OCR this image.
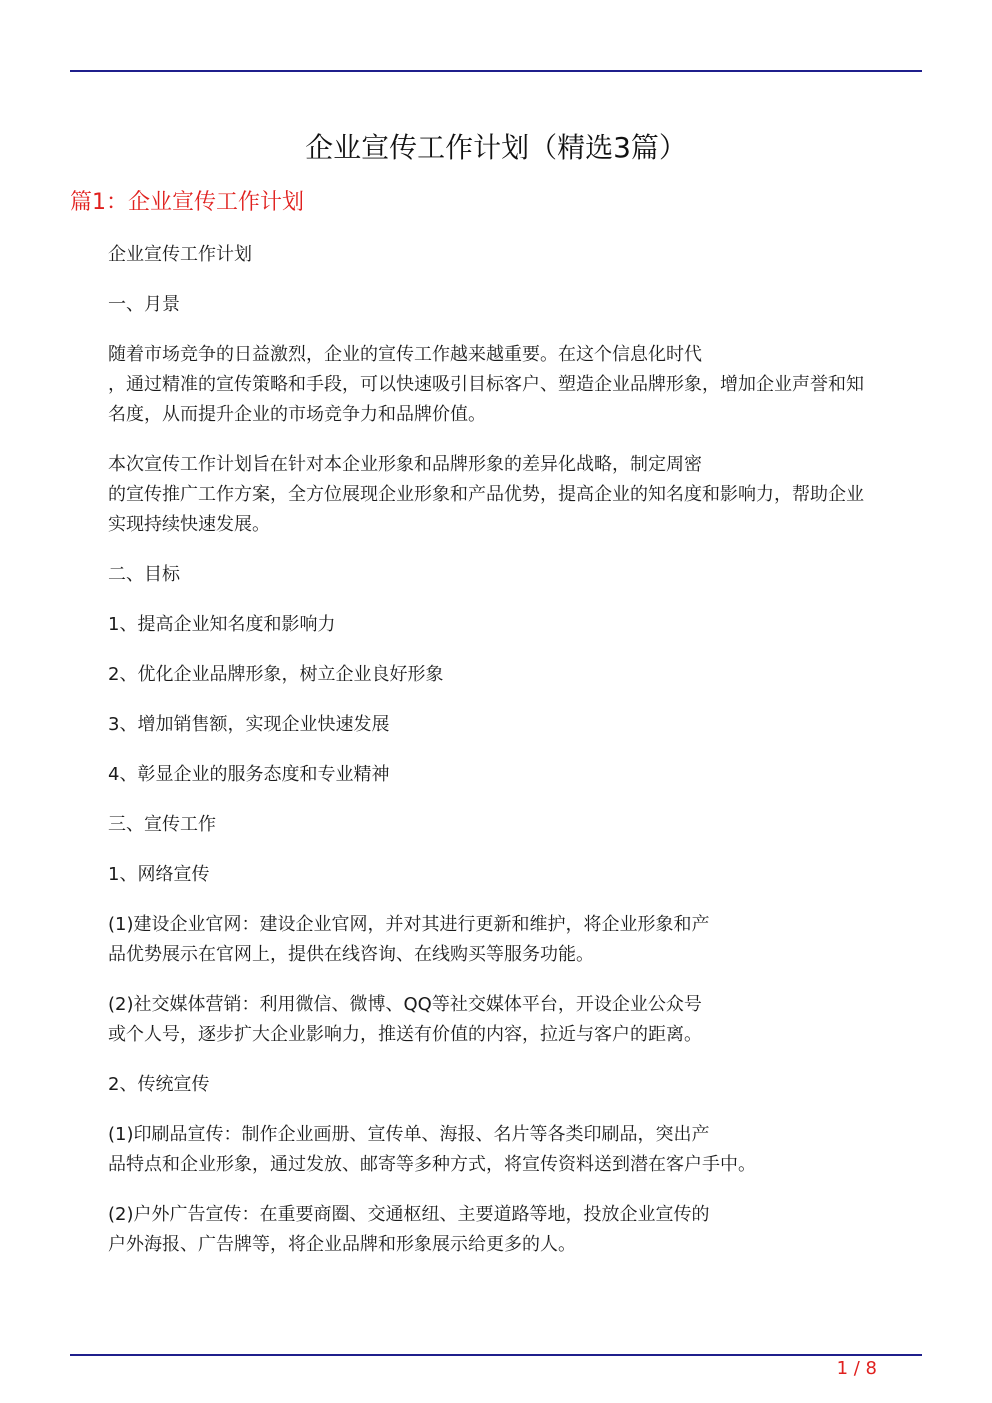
企业宣传工作计划（精选3篇）
篇1：企业宣传工作计划
企业宣传工作计划
一、月景
随着市场竞争的日益激烈，企业的宣传工作越来越重要。在这个信息化时代
，通过精准的宣传策略和手段，可以快速吸引目标客户、塑造企业品牌形象，增加企业声誉和知
名度，从而提升企业的市场竞争力和品牌价值。
本次宣传工作计划旨在针对本企业形象和品牌形象的差异化战略，制定周密
的宣传推广工作方案，全方位展现企业形象和产品优势，提高企业的知名度和影响力，帮助企业
实现持续快速发展。
二、目标
1、提高企业知名度和影响力
2、优化企业品牌形象，树立企业良好形象
3、增加销售额，实现企业快速发展
4、彰显企业的服务态度和专业精神
三、宣传工作
1、网络宣传
(1)建设企业官网：建设企业官网，并对其进行更新和维护，将企业形象和产
品优势展示在官网上，提供在线咨询、在线购买等服务功能。
(2)社交媒体营销：利用微信、微博、QQ等社交媒体平台，开设企业公众号
或个人号，逐步扩大企业影响力，推送有价值的内容，拉近与客户的距离。
2、传统宣传
(1)印刷品宣传：制作企业画册、宣传单、海报、名片等各类印刷品，突出产
品特点和企业形象，通过发放、邮寄等多种方式，将宣传资料送到潜在客户手中。
(2)户外广告宣传：在重要商圈、交通枢纽、主要道路等地，投放企业宣传的
户外海报、广告牌等，将企业品牌和形象展示给更多的人。
1 / 8
